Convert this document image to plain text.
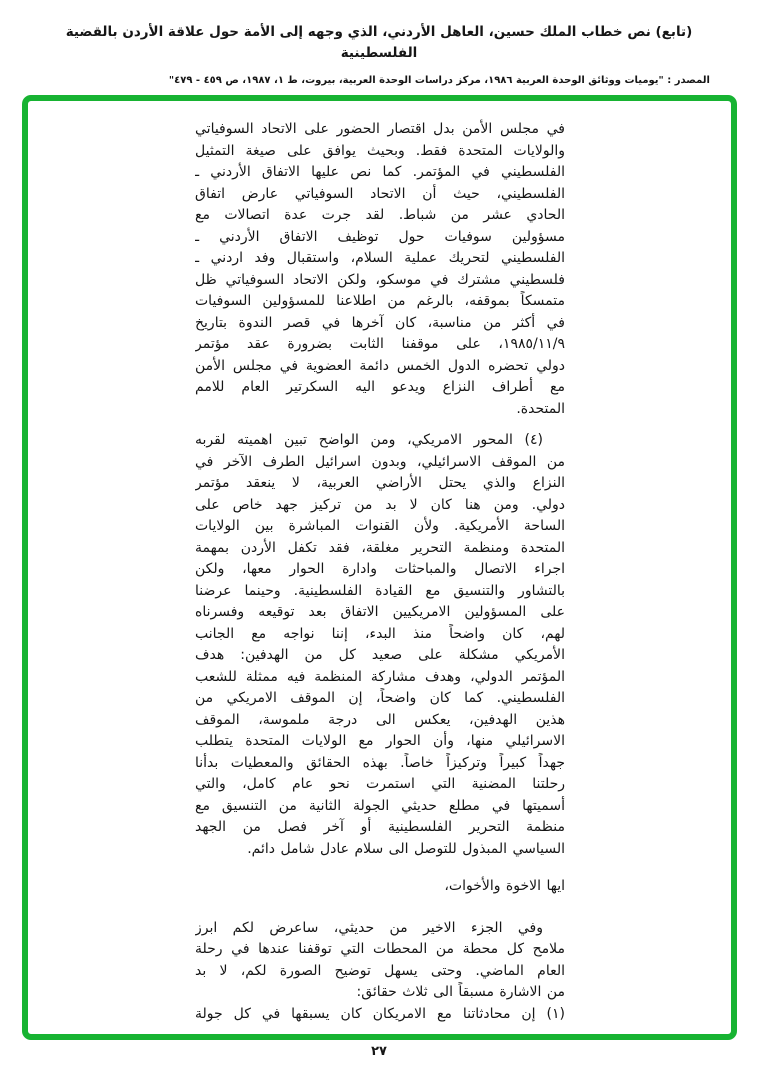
(تابع) نص خطاب الملك حسين، العاهل الأردني، الذي وجهه إلى الأمة حول علاقة الأردن بالقضية الفلسطينية
المصدر : "يوميات ووثائق الوحدة العربية ١٩٨٦، مركز دراسات الوحدة العربية، بيروت، ط ١، ١٩٨٧، ص ٤٥٩ - ٤٧٩"
في مجلس الأمن بدل اقتصار الحضور على الاتحاد السوفياتي
والولايات المتحدة فقط. وبحيث يوافق على صيغة التمثيل
الفلسطيني في المؤتمر. كما نص عليها الاتفاق الأردني ـ
الفلسطيني، حيث أن الاتحاد السوفياتي عارض اتفاق
الحادي عشر من شباط. لقد جرت عدة اتصالات مع
مسؤولين سوفيات حول توظيف الاتفاق الأردني ـ
الفلسطيني لتحريك عملية السلام، واستقبال وفد اردني ـ
فلسطيني مشترك في موسكو، ولكن الاتحاد السوفياتي ظل
متمسكاً بموقفه، بالرغم من اطلاعنا للمسؤولين السوفيات
في أكثر من مناسبة، كان آخرها في قصر الندوة بتاريخ
١٩٨٥/١١/٩، على موقفنا الثابت بضرورة عقد مؤتمر
دولي تحضره الدول الخمس دائمة العضوية في مجلس الأمن
مع أطراف النزاع ويدعو اليه السكرتير العام للامم
المتحدة.
(٤) المحور الامريكي، ومن الواضح تبين اهميته لقربه
من الموقف الاسرائيلي، وبدون اسرائيل الطرف الآخر في
النزاع والذي يحتل الأراضي العربية، لا ينعقد مؤتمر
دولي. ومن هنا كان لا بد من تركيز جهد خاص على
الساحة الأمريكية. ولأن القنوات المباشرة بين الولايات
المتحدة ومنظمة التحرير مغلقة، فقد تكفل الأردن بمهمة
اجراء الاتصال والمباحثات وادارة الحوار معها، ولكن
بالتشاور والتنسيق مع القيادة الفلسطينية. وحينما عرضنا
على المسؤولين الامريكيين الاتفاق بعد توقيعه وفسرناه
لهم، كان واضحاً منذ البدء، إننا نواجه مع الجانب
الأمريكي مشكلة على صعيد كل من الهدفين: هدف
المؤتمر الدولي، وهدف مشاركة المنظمة فيه ممثلة للشعب
الفلسطيني. كما كان واضحاً، إن الموقف الامريكي من
هذين الهدفين، يعكس الى درجة ملموسة، الموقف
الاسرائيلي منها، وأن الحوار مع الولايات المتحدة يتطلب
جهداً كبيراً وتركيزاً خاصاً. بهذه الحقائق والمعطيات بدأنا
رحلتنا المضنية التي استمرت نحو عام كامل، والتي
أسميتها في مطلع حديثي الجولة الثانية من التنسيق مع
منظمة التحرير الفلسطينية أو آخر فصل من الجهد
السياسي المبذول للتوصل الى سلام عادل شامل دائم.
ايها الاخوة والأخوات،
وفي الجزء الاخير من حديثي، ساعرض لكم ابرز
ملامح كل محطة من المحطات التي توقفنا عندها في رحلة
العام الماضي. وحتى يسهل توضيح الصورة لكم، لا بد
من الاشارة مسبقاً الى ثلاث حقائق:
(١) إن محادثاتنا مع الامريكان كان يسبقها في كل جولة
٢٧
